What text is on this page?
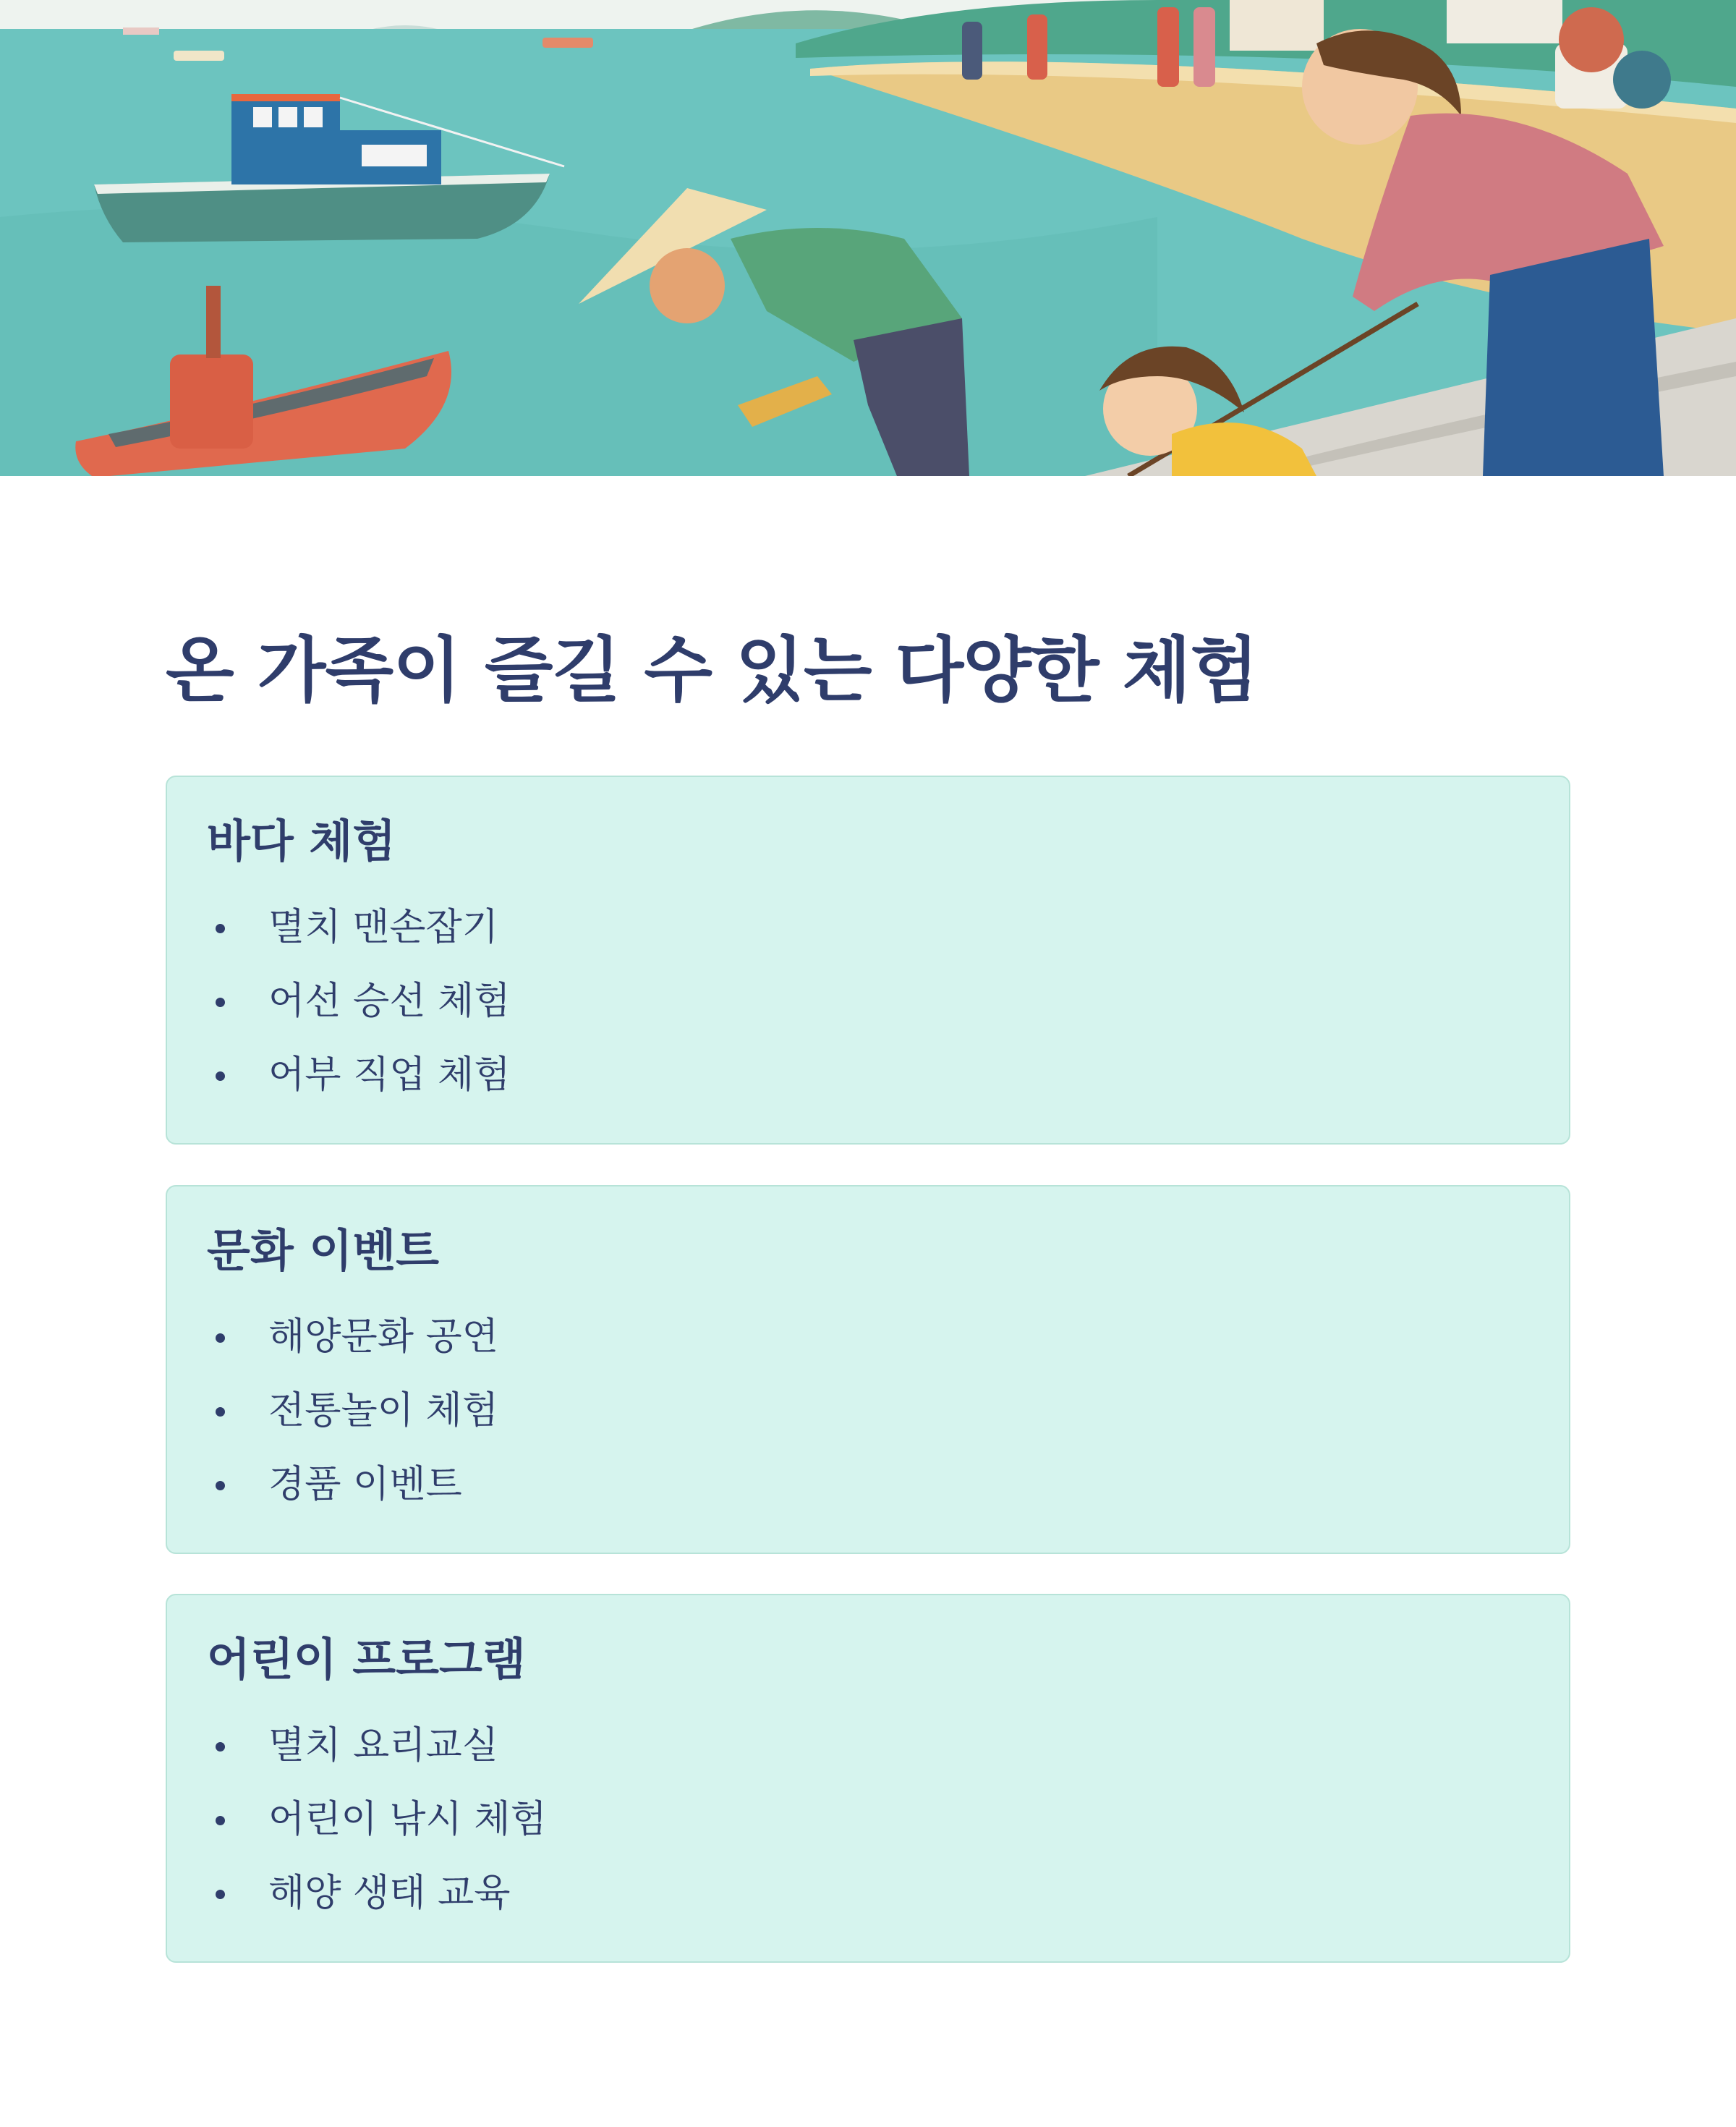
온 가족이 즐길 수 있는 다양한 체험
바다 체험
멸치 맨손잡기
어선 승선 체험
어부 직업 체험
문화 이벤트
해양문화 공연
전통놀이 체험
경품 이벤트
어린이 프로그램
멸치 요리교실
어린이 낚시 체험
해양 생태 교육
